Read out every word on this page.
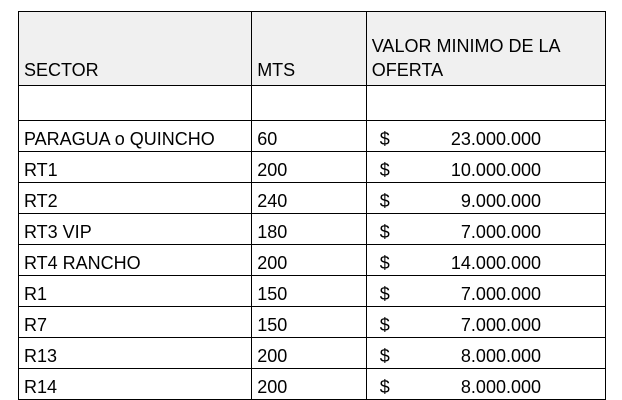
SECTOR	MTS	VALOR MINIMO DE LA OFERTA

PARAGUA o QUINCHO	60	$ 23.000.000

RT1	200	$ 10.000.000

RT2	240	$ 9.000.000

RT3 VIP	180	$ 7.000.000

RT4 RANCHO	200	$ 14.000.000

R1	150	$ 7.000.000

R7	150	$ 7.000.000

R13	200	$ 8.000.000

R14	200	$ 8.000.000
